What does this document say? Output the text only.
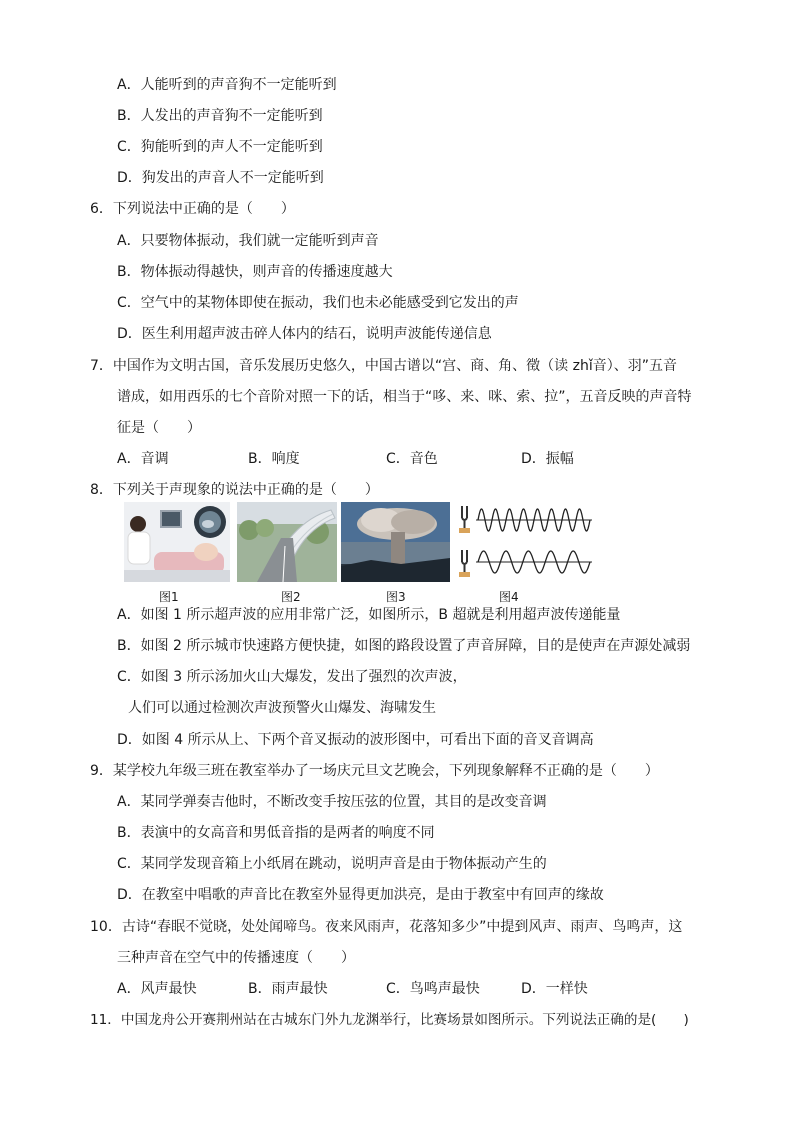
A．人能听到的声音狗不一定能听到
B．人发出的声音狗不一定能听到
C．狗能听到的声人不一定能听到
D．狗发出的声音人不一定能听到
6．下列说法中正确的是（　　）
A．只要物体振动，我们就一定能听到声音
B．物体振动得越快，则声音的传播速度越大
C．空气中的某物体即使在振动，我们也未必能感受到它发出的声
D．医生利用超声波击碎人体内的结石，说明声波能传递信息
7．中国作为文明古国，音乐发展历史悠久，中国古谱以“宫、商、角、徵（读 zhǐ音）、羽”五音
谱成，如用西乐的七个音阶对照一下的话，相当于“哆、来、咪、索、拉”，五音反映的声音特
征是（　　）
A．音调	B．响度	C．音色	D．振幅
8．下列关于声现象的说法中正确的是（　　）
图1	图2	图3	图4
A．如图 1 所示超声波的应用非常广泛，如图所示，B 超就是利用超声波传递能量
B．如图 2 所示城市快速路方便快捷，如图的路段设置了声音屏障，目的是使声在声源处减弱
C．如图 3 所示汤加火山大爆发，发出了强烈的次声波，
人们可以通过检测次声波预警火山爆发、海啸发生
D．如图 4 所示从上、下两个音叉振动的波形图中，可看出下面的音叉音调高
9．某学校九年级三班在教室举办了一场庆元旦文艺晚会，下列现象解释不正确的是（　　）
A．某同学弹奏吉他时，不断改变手按压弦的位置，其目的是改变音调
B．表演中的女高音和男低音指的是两者的响度不同
C．某同学发现音箱上小纸屑在跳动，说明声音是由于物体振动产生的
D．在教室中唱歌的声音比在教室外显得更加洪亮，是由于教室中有回声的缘故
10．古诗“春眠不觉晓，处处闻啼鸟。夜来风雨声，花落知多少”中提到风声、雨声、鸟鸣声，这
三种声音在空气中的传播速度（　　）
A．风声最快	B．雨声最快	C．鸟鸣声最快	D．一样快
11．中国龙舟公开赛荆州站在古城东门外九龙渊举行，比赛场景如图所示。下列说法正确的是(　　)
